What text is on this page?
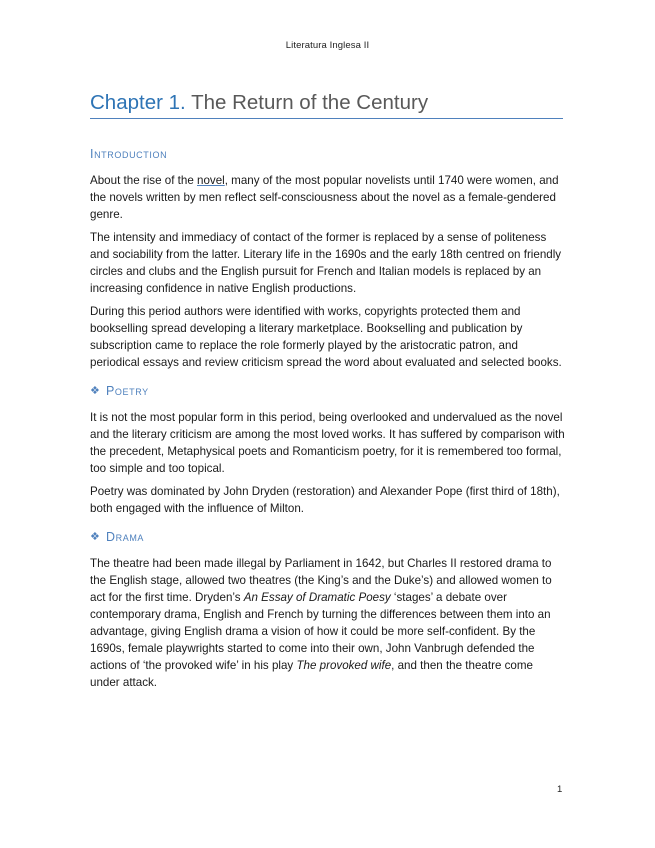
Literatura Inglesa II
Chapter 1. The Return of the Century
Introduction

About the rise of the novel, many of the most popular novelists until 1740 were women, and the novels written by men reflect self-consciousness about the novel as a female-gendered genre.

The intensity and immediacy of contact of the former is replaced by a sense of politeness and sociability from the latter. Literary life in the 1690s and the early 18th centred on friendly circles and clubs and the English pursuit for French and Italian models is replaced by an increasing confidence in native English productions.

During this period authors were identified with works, copyrights protected them and bookselling spread developing a literary marketplace. Bookselling and publication by subscription came to replace the role formerly played by the aristocratic patron, and periodical essays and review criticism spread the word about evaluated and selected books.

❖ Poetry

It is not the most popular form in this period, being overlooked and undervalued as the novel and the literary criticism are among the most loved works. It has suffered by comparison with the precedent, Metaphysical poets and Romanticism poetry, for it is remembered too formal, too simple and too topical.

Poetry was dominated by John Dryden (restoration) and Alexander Pope (first third of 18th), both engaged with the influence of Milton.

❖ Drama

The theatre had been made illegal by Parliament in 1642, but Charles II restored drama to the English stage, allowed two theatres (the King’s and the Duke’s) and allowed women to act for the first time. Dryden’s An Essay of Dramatic Poesy ‘stages’ a debate over contemporary drama, English and French by turning the differences between them into an advantage, giving English drama a vision of how it could be more self-confident. By the 1690s, female playwrights started to come into their own, John Vanbrugh defended the actions of ‘the provoked wife’ in his play The provoked wife, and then the theatre come under attack.

1
